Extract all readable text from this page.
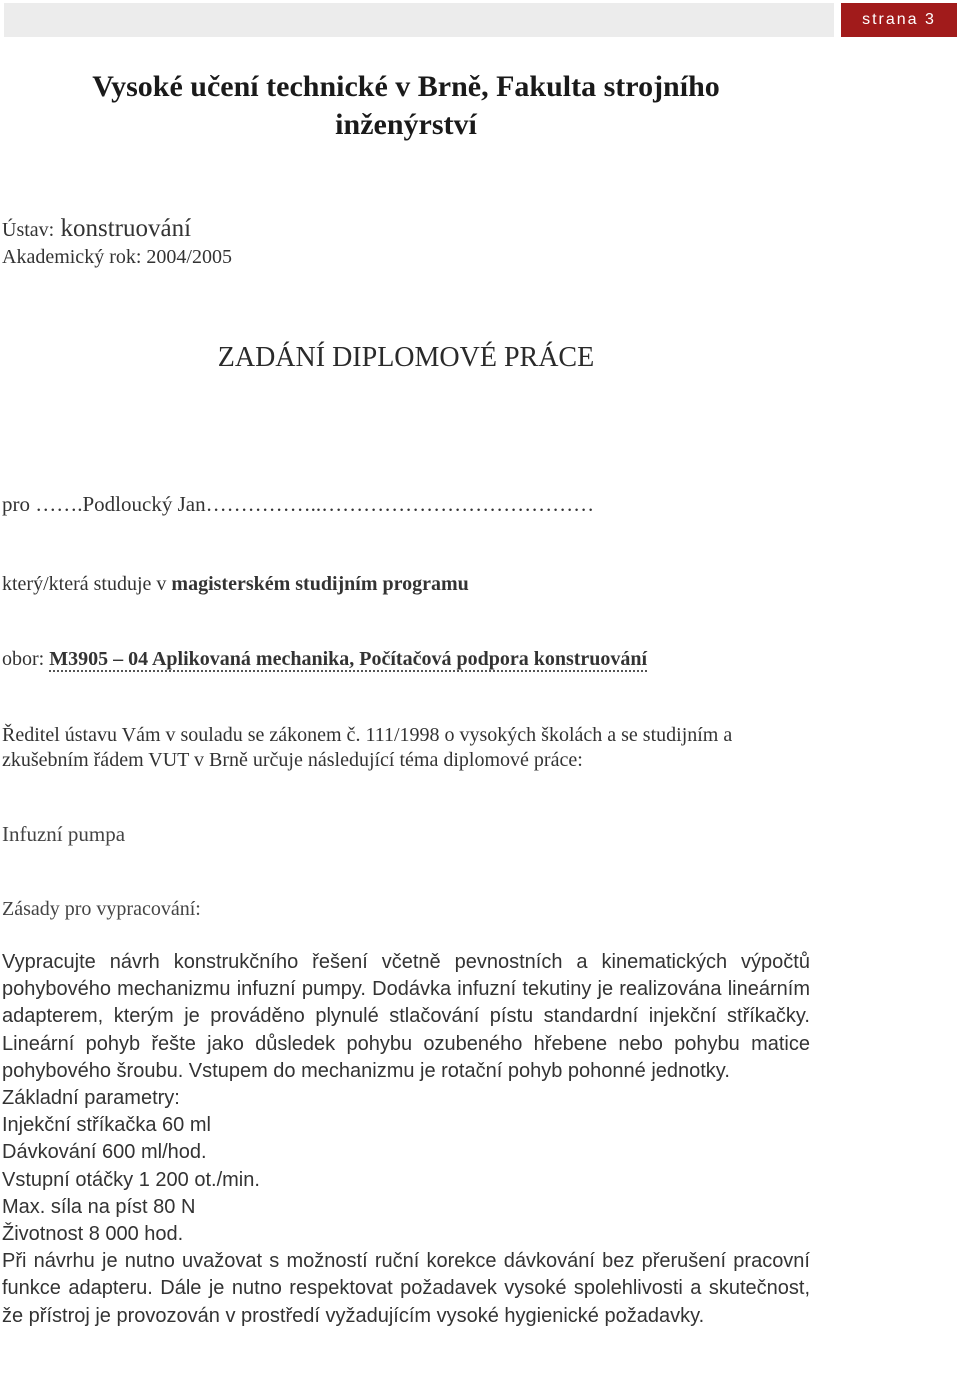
strana 3
Vysoké učení technické v Brně, Fakulta strojního
inženýrství
Ústav: konstruování
Akademický rok: 2004/2005
ZADÁNÍ DIPLOMOVÉ PRÁCE
pro …….Podloucký Jan……………..…………………………………
který/která studuje v magisterském studijním programu
obor: M3905 – 04 Aplikovaná mechanika, Počítačová podpora konstruování
Ředitel ústavu Vám v souladu se zákonem č. 111/1998 o vysokých školách a se studijním a zkušebním řádem VUT v Brně určuje následující téma diplomové práce:
Infuzní pumpa
Zásady pro vypracování:

Vypracujte návrh konstrukčního řešení včetně pevnostních a kinematických výpočtů pohybového mechanizmu infuzní pumpy. Dodávka infuzní tekutiny je realizována lineárním adapterem, kterým je prováděno plynulé stlačování pístu standardní injekční stříkačky. Lineární pohyb řešte jako důsledek pohybu ozubeného hřebene nebo pohybu matice pohybového šroubu. Vstupem do mechanizmu je rotační pohyb pohonné jednotky.

Základní parametry:

Injekční stříkačka 60 ml

Dávkování 600 ml/hod.

Vstupní otáčky 1 200 ot./min.

Max. síla na píst 80 N

Životnost 8 000 hod.

Při návrhu je nutno uvažovat s možností ruční korekce dávkování bez přerušení pracovní funkce adapteru. Dále je nutno respektovat požadavek vysoké spolehlivosti a skutečnost, že přístroj je provozován v prostředí vyžadujícím vysoké hygienické požadavky.
